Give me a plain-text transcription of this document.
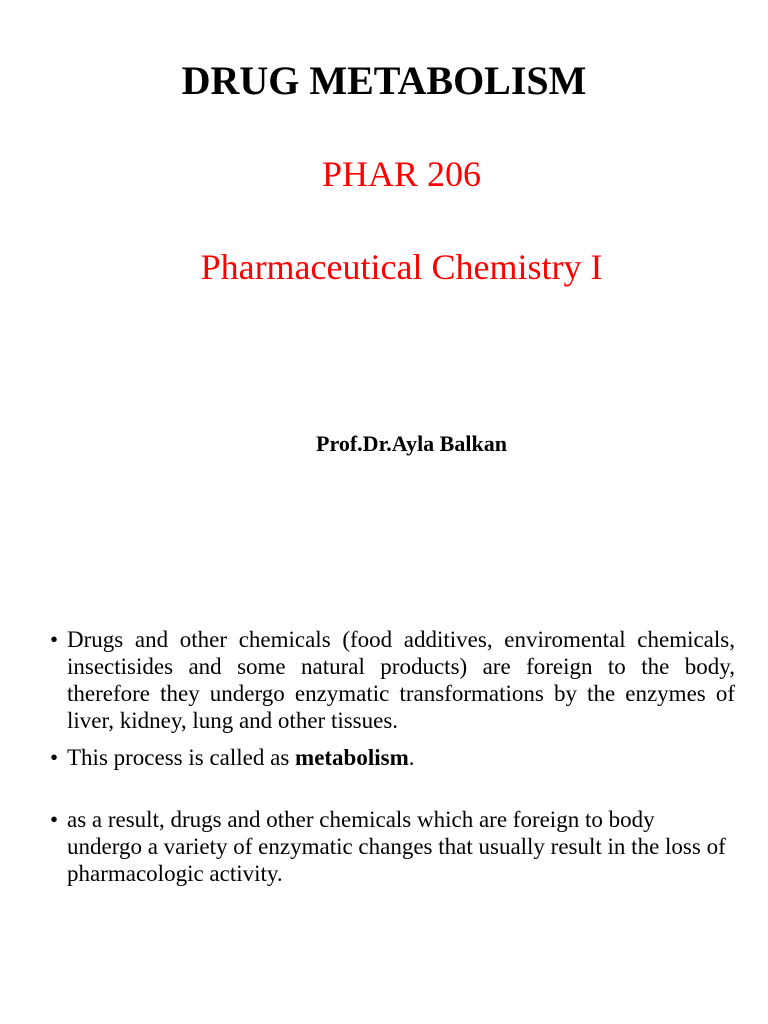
DRUG METABOLISM

PHAR 206

Pharmaceutical Chemistry I

Prof.Dr.Ayla Balkan

• Drugs and other chemicals (food additives, enviromental chemicals, insectisides and some natural products) are foreign to the body, therefore they undergo enzymatic transformations by the enzymes of liver, kidney, lung and other tissues.
• This process is called as metabolism.
• as a result, drugs and other chemicals which are foreign to body undergo a variety of enzymatic changes that usually result in the loss of pharmacologic activity.
